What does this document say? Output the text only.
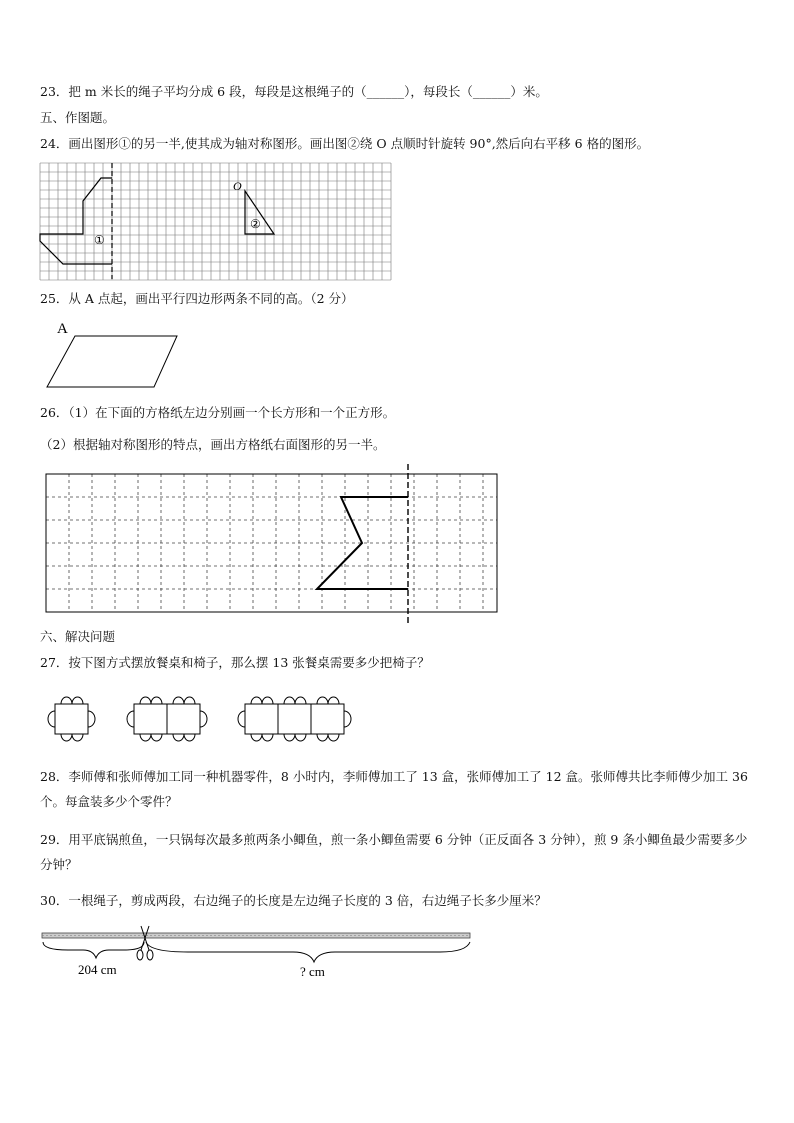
23．把 m 米长的绳子平均分成 6 段，每段是这根绳子的（______），每段长（______）米。
五、作图题。
24．画出图形①的另一半,使其成为轴对称图形。画出图②绕 O 点顺时针旋转 90°,然后向右平移 6 格的图形。
①
②
O
25．从 A 点起，画出平行四边形两条不同的高。（2 分）
A
26．（1）在下面的方格纸左边分别画一个长方形和一个正方形。
（2）根据轴对称图形的特点，画出方格纸右面图形的另一半。
六、解决问题
27．按下图方式摆放餐桌和椅子，那么摆 13 张餐桌需要多少把椅子？
28．李师傅和张师傅加工同一种机器零件，8 小时内，李师傅加工了 13 盒，张师傅加工了 12 盒。张师傅共比李师傅少加工 36 个。每盒装多少个零件？
29．用平底锅煎鱼，一只锅每次最多煎两条小鲫鱼，煎一条小鲫鱼需要 6 分钟（正反面各 3 分钟），煎 9 条小鲫鱼最少需要多少分钟？
30．一根绳子，剪成两段，右边绳子的长度是左边绳子长度的 3 倍，右边绳子长多少厘米？
204 cm	? cm
